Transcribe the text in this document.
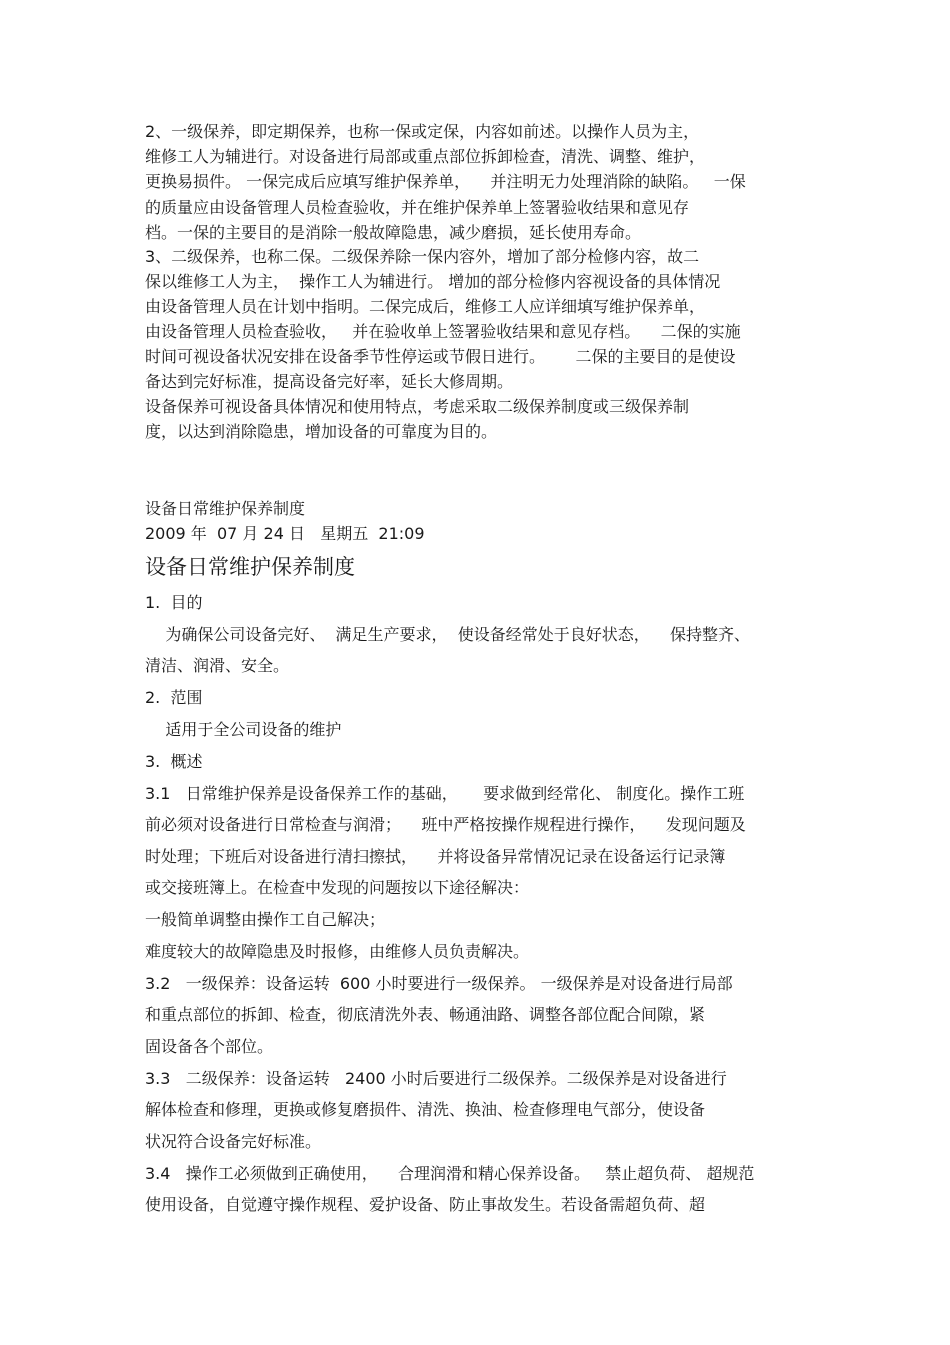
2、一级保养，即定期保养，也称一保或定保，内容如前述。以操作人员为主，
维修工人为辅进行。对设备进行局部或重点部位拆卸检查，清洗、调整、维护，
更换易损件。 一保完成后应填写维护保养单，    并注明无力处理消除的缺陷。   一保
的质量应由设备管理人员检查验收，并在维护保养单上签署验收结果和意见存
档。一保的主要目的是消除一般故障隐患，减少磨损，延长使用寿命。
3、二级保养，也称二保。二级保养除一保内容外，增加了部分检修内容，故二
保以维修工人为主，  操作工人为辅进行。 增加的部分检修内容视设备的具体情况
由设备管理人员在计划中指明。二保完成后，维修工人应详细填写维护保养单，
由设备管理人员检查验收，   并在验收单上签署验收结果和意见存档。    二保的实施
时间可视设备状况安排在设备季节性停运或节假日进行。      二保的主要目的是使设
备达到完好标准，提高设备完好率，延长大修周期。
设备保养可视设备具体情况和使用特点，考虑采取二级保养制度或三级保养制
度，以达到消除隐患，增加设备的可靠度为目的。
设备日常维护保养制度
2009 年  07 月 24 日   星期五  21:09
设备日常维护保养制度
1.  目的
为确保公司设备完好、  满足生产要求，  使设备经常处于良好状态，    保持整齐、
清洁、润滑、安全。
2.  范围
适用于全公司设备的维护
3.  概述
3.1   日常维护保养是设备保养工作的基础，     要求做到经常化、 制度化。操作工班
前必须对设备进行日常检查与润滑；    班中严格按操作规程进行操作，    发现问题及
时处理；下班后对设备进行清扫擦拭，    并将设备异常情况记录在设备运行记录簿
或交接班簿上。在检查中发现的问题按以下途径解决：
一般简单调整由操作工自己解决；
难度较大的故障隐患及时报修，由维修人员负责解决。
3.2   一级保养：设备运转  600 小时要进行一级保养。 一级保养是对设备进行局部
和重点部位的拆卸、检查，彻底清洗外表、畅通油路、调整各部位配合间隙，紧
固设备各个部位。
3.3   二级保养：设备运转   2400 小时后要进行二级保养。二级保养是对设备进行
解体检查和修理，更换或修复磨损件、清洗、换油、检查修理电气部分，使设备
状况符合设备完好标准。
3.4   操作工必须做到正确使用，    合理润滑和精心保养设备。   禁止超负荷、 超规范
使用设备，自觉遵守操作规程、爱护设备、防止事故发生。若设备需超负荷、超
